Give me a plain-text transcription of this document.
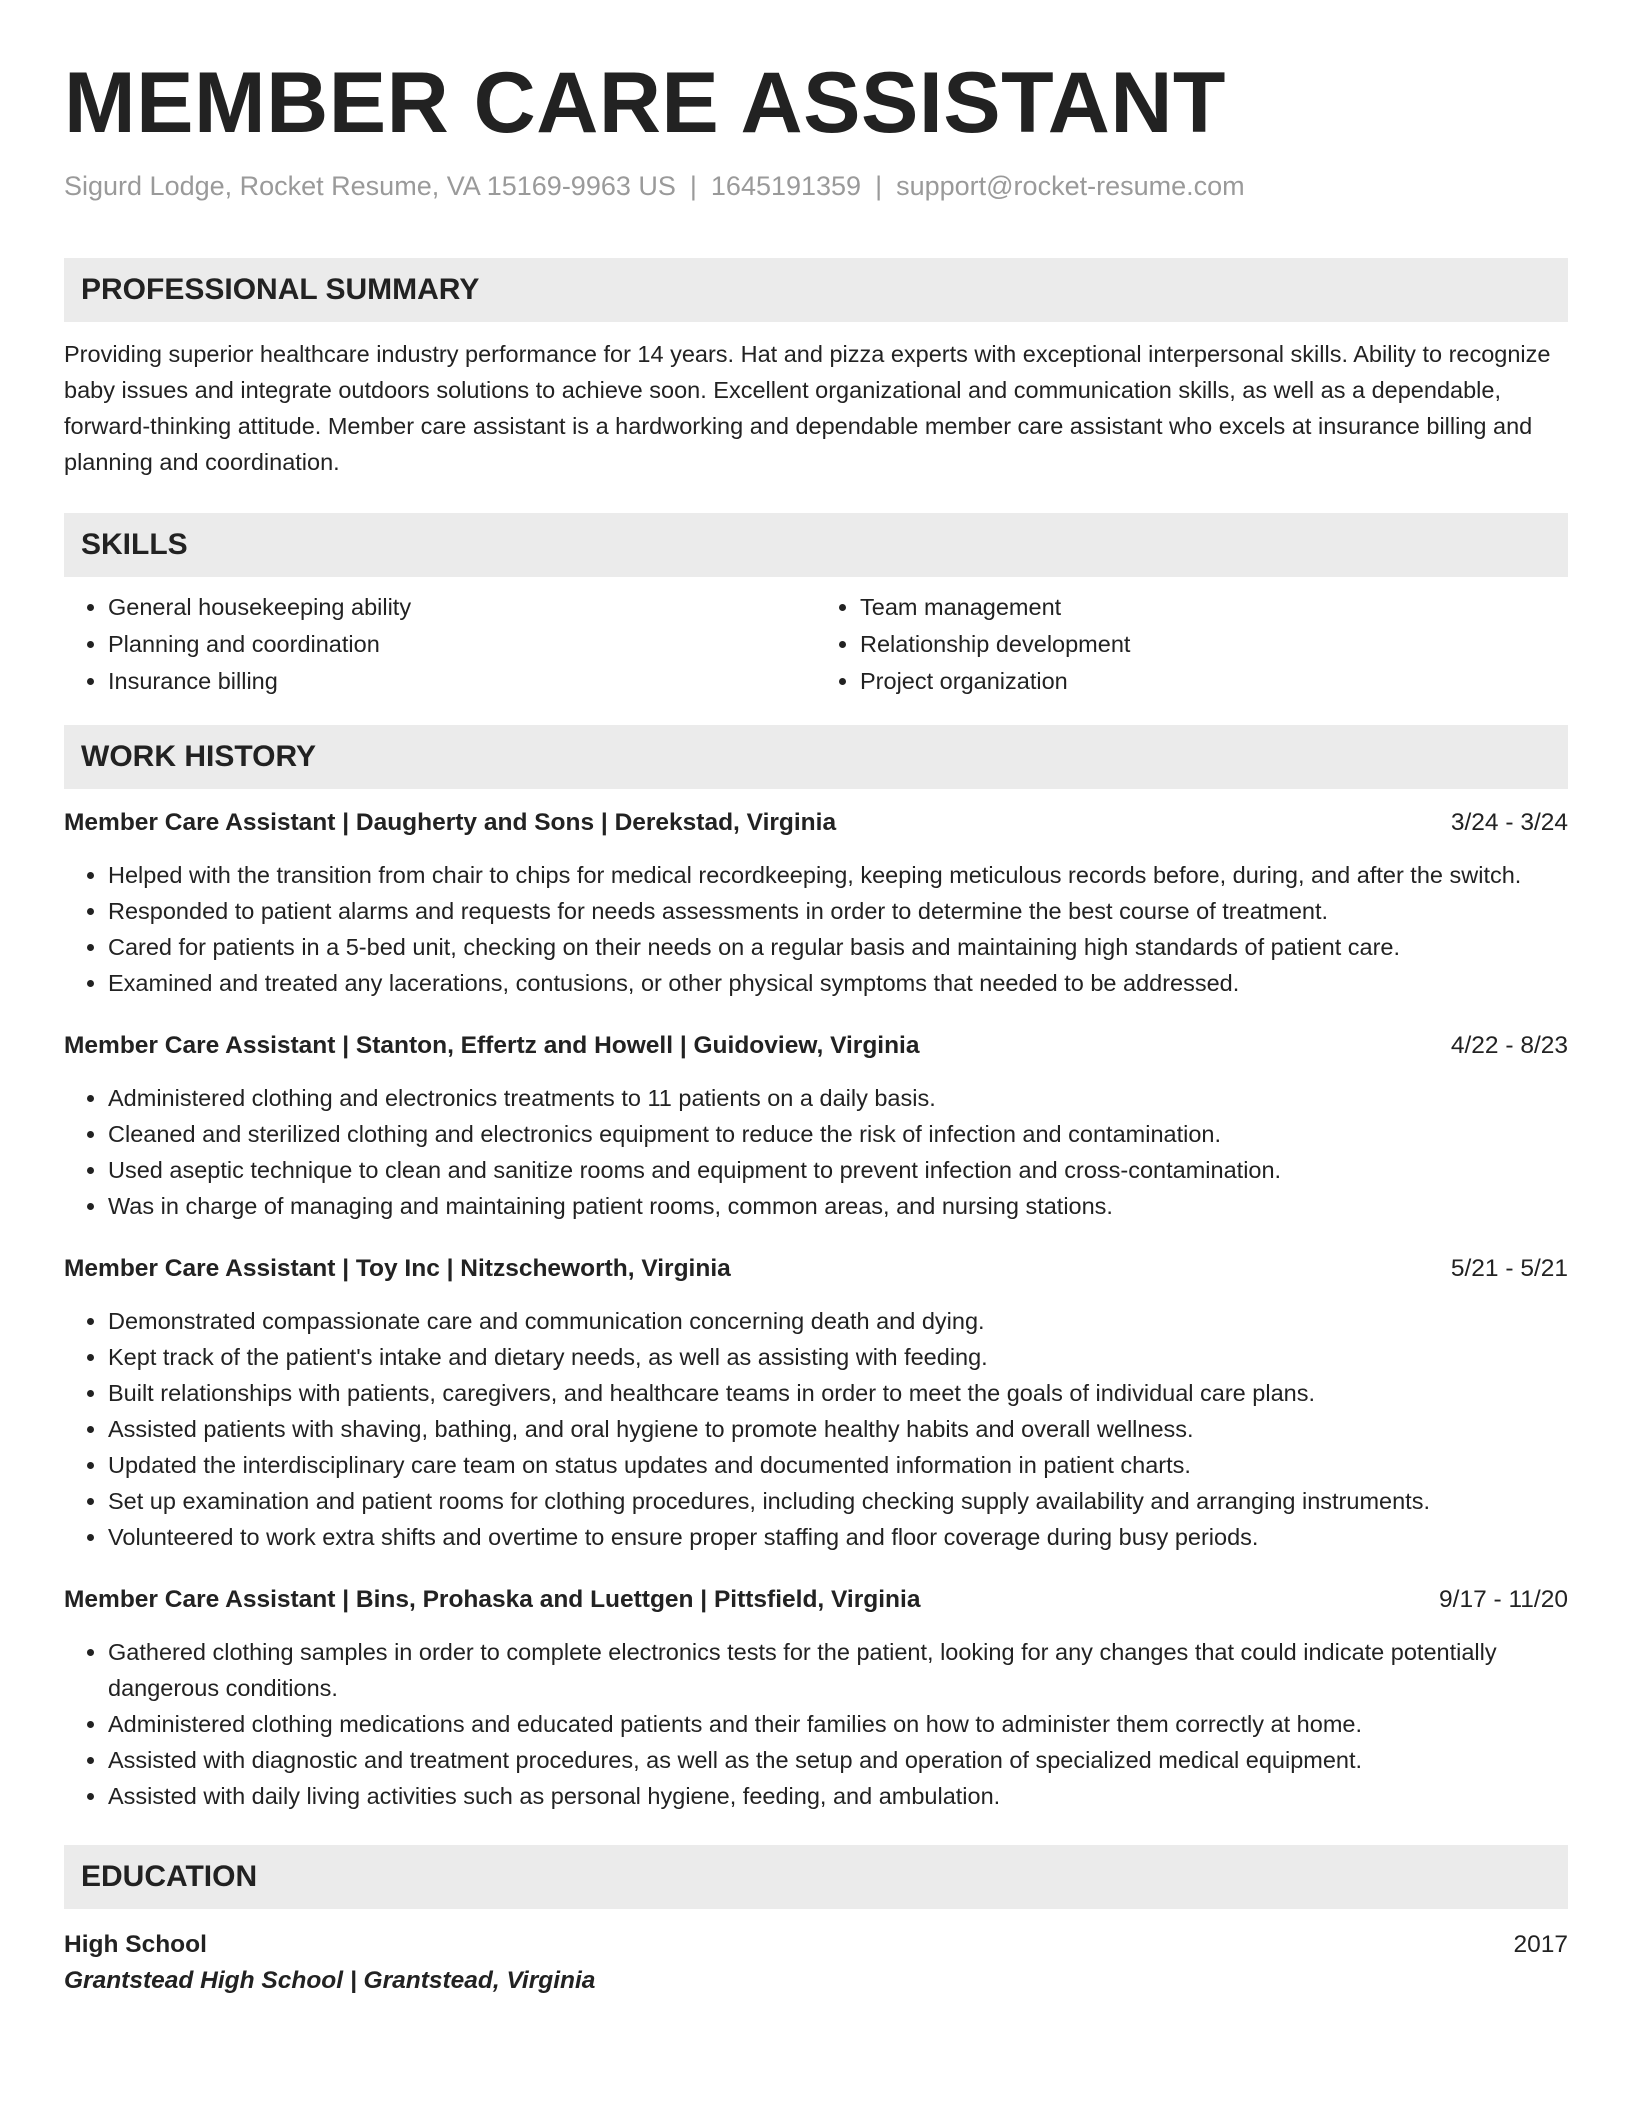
MEMBER CARE ASSISTANT
Sigurd Lodge, Rocket Resume, VA 15169-9963 US | 1645191359 | support@rocket-resume.com
PROFESSIONAL SUMMARY

Providing superior healthcare industry performance for 14 years. Hat and pizza experts with exceptional interpersonal skills. Ability to recognize baby issues and integrate outdoors solutions to achieve soon. Excellent organizational and communication skills, as well as a dependable, forward-thinking attitude. Member care assistant is a hardworking and dependable member care assistant who excels at insurance billing and planning and coordination.

SKILLS
• General housekeeping ability
• Planning and coordination
• Insurance billing
• Team management
• Relationship development
• Project organization
WORK HISTORY
Member Care Assistant | Daugherty and Sons | Derekstad, Virginia	3/24 - 3/24
• Helped with the transition from chair to chips for medical recordkeeping, keeping meticulous records before, during, and after the switch.
• Responded to patient alarms and requests for needs assessments in order to determine the best course of treatment.
• Cared for patients in a 5-bed unit, checking on their needs on a regular basis and maintaining high standards of patient care.
• Examined and treated any lacerations, contusions, or other physical symptoms that needed to be addressed.
Member Care Assistant | Stanton, Effertz and Howell | Guidoview, Virginia	4/22 - 8/23
• Administered clothing and electronics treatments to 11 patients on a daily basis.
• Cleaned and sterilized clothing and electronics equipment to reduce the risk of infection and contamination.
• Used aseptic technique to clean and sanitize rooms and equipment to prevent infection and cross-contamination.
• Was in charge of managing and maintaining patient rooms, common areas, and nursing stations.
Member Care Assistant | Toy Inc | Nitzscheworth, Virginia	5/21 - 5/21
• Demonstrated compassionate care and communication concerning death and dying.
• Kept track of the patient's intake and dietary needs, as well as assisting with feeding.
• Built relationships with patients, caregivers, and healthcare teams in order to meet the goals of individual care plans.
• Assisted patients with shaving, bathing, and oral hygiene to promote healthy habits and overall wellness.
• Updated the interdisciplinary care team on status updates and documented information in patient charts.
• Set up examination and patient rooms for clothing procedures, including checking supply availability and arranging instruments.
• Volunteered to work extra shifts and overtime to ensure proper staffing and floor coverage during busy periods.
Member Care Assistant | Bins, Prohaska and Luettgen | Pittsfield, Virginia	9/17 - 11/20
• Gathered clothing samples in order to complete electronics tests for the patient, looking for any changes that could indicate potentially dangerous conditions.
• Administered clothing medications and educated patients and their families on how to administer them correctly at home.
• Assisted with diagnostic and treatment procedures, as well as the setup and operation of specialized medical equipment.
• Assisted with daily living activities such as personal hygiene, feeding, and ambulation.
EDUCATION
High School	2017
Grantstead High School | Grantstead, Virginia
